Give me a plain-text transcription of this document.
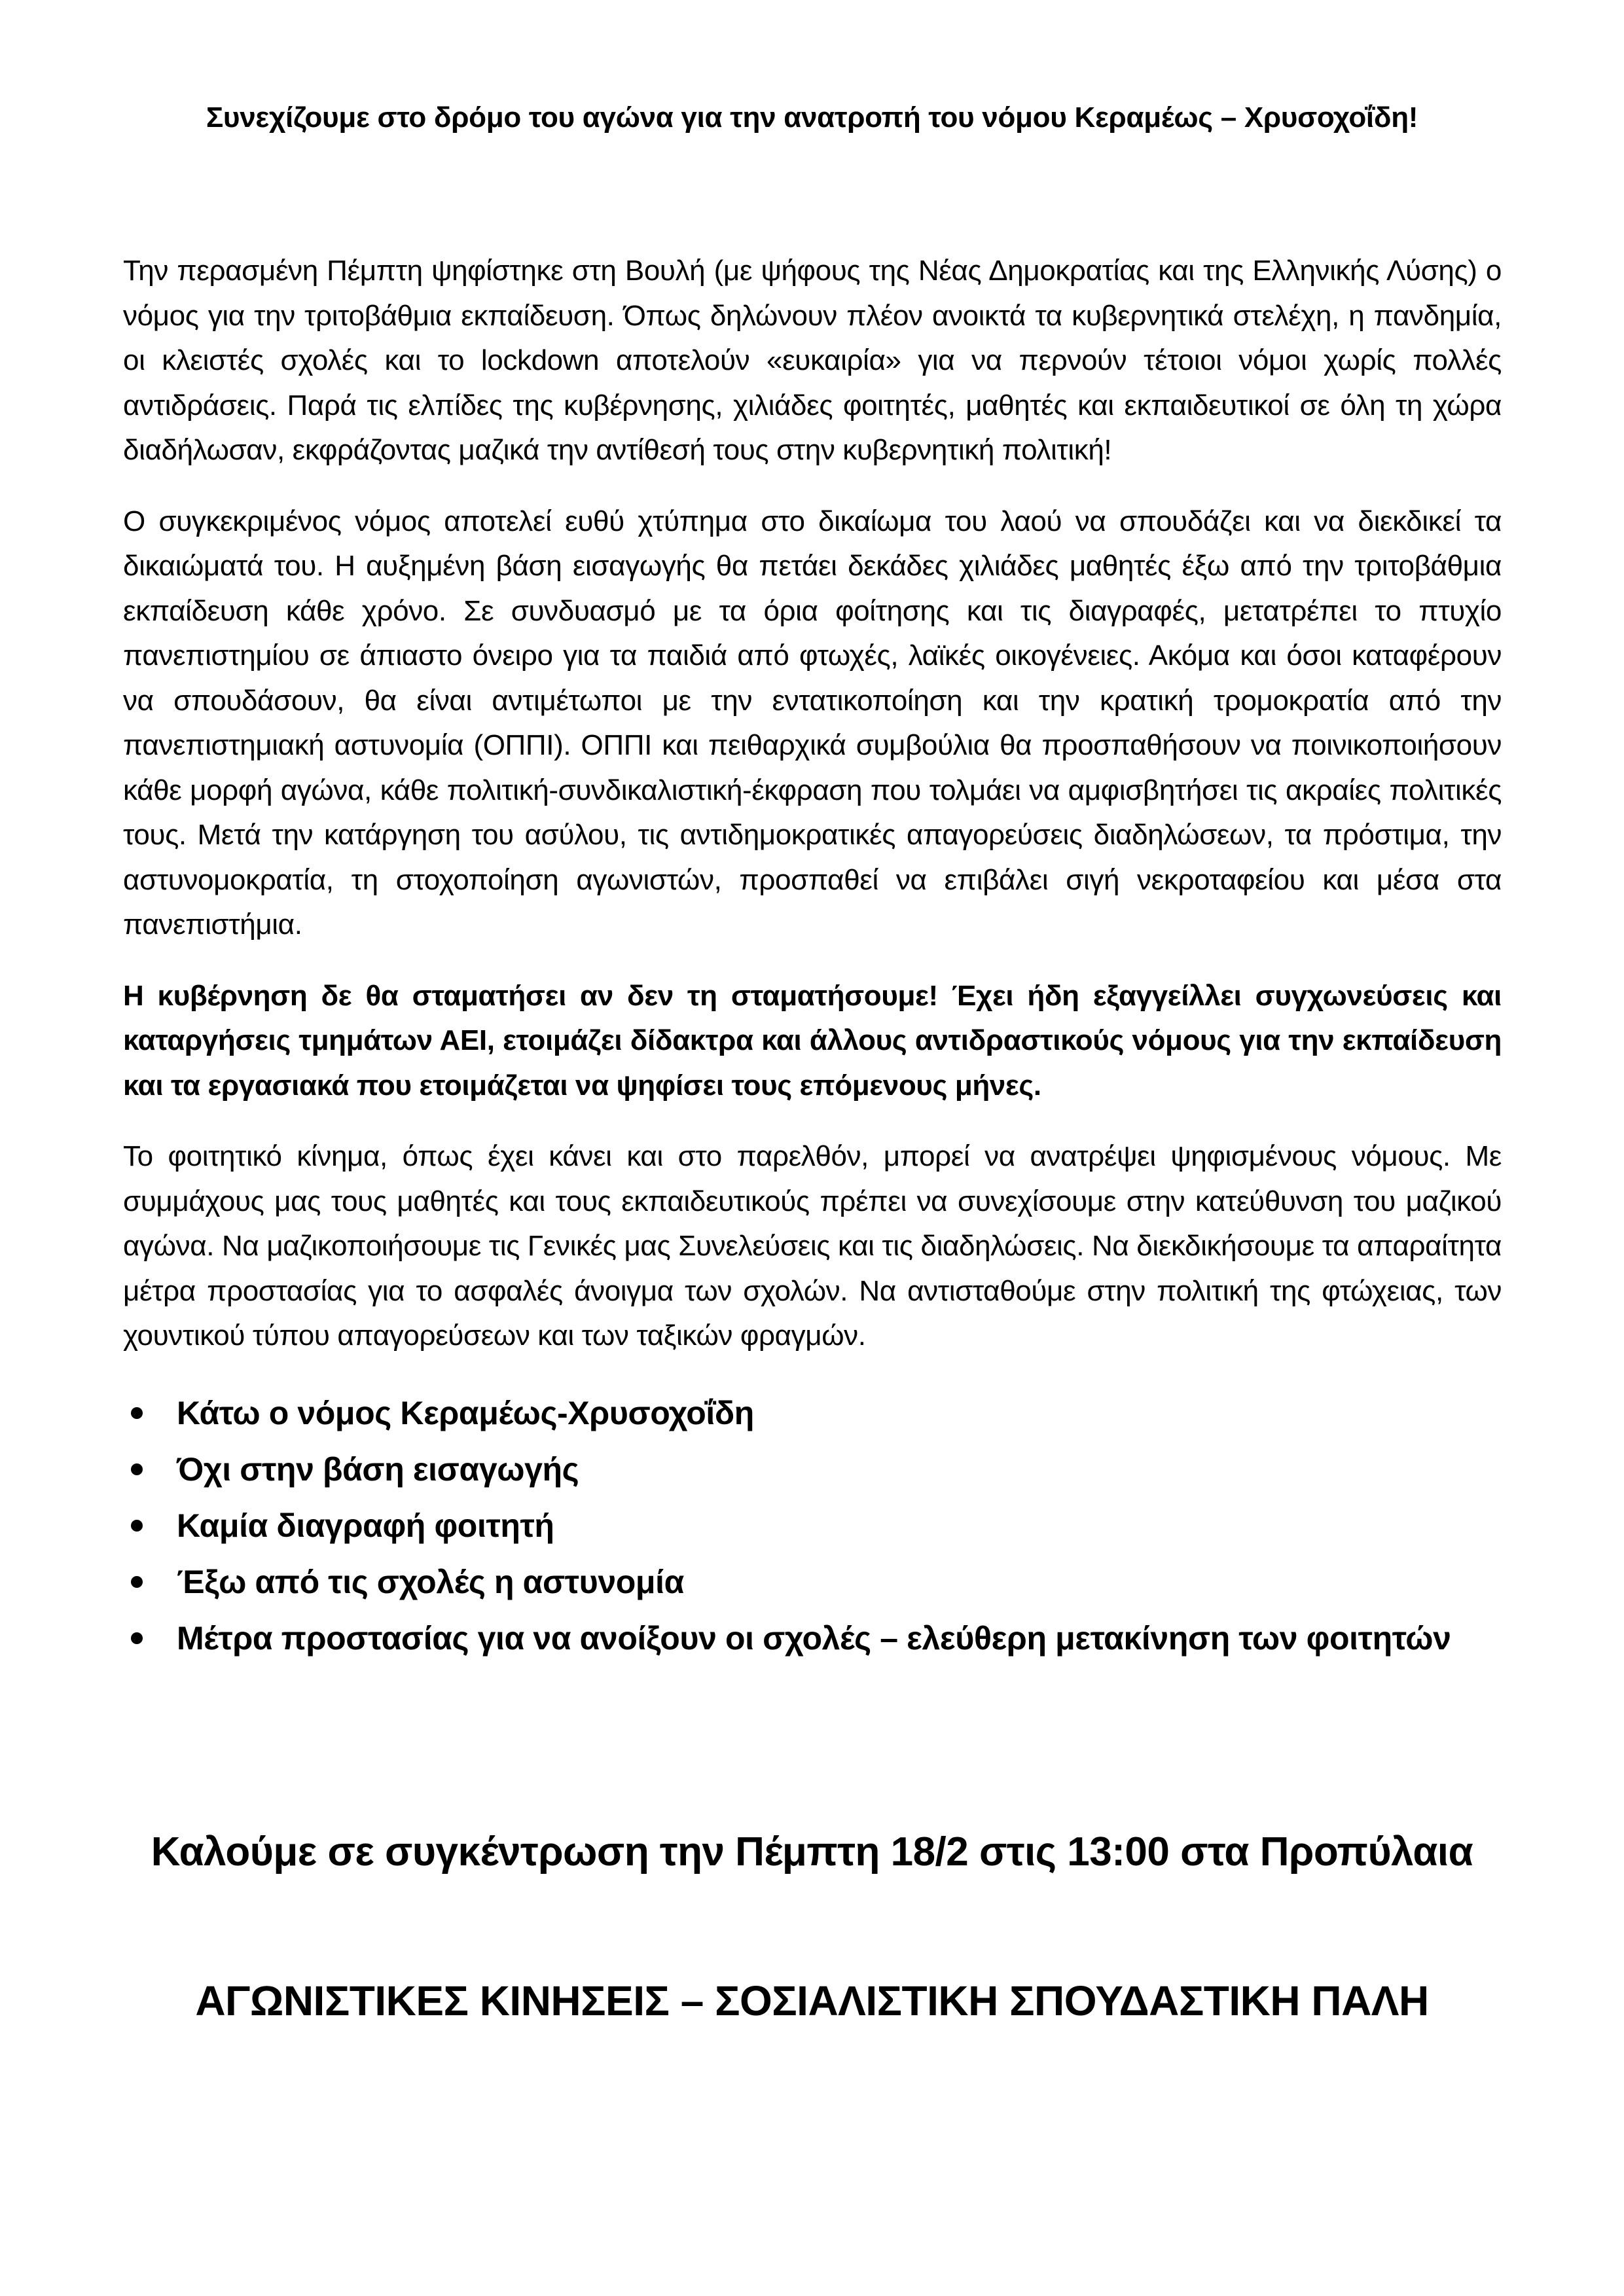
Συνεχίζουμε στο δρόμο του αγώνα για την ανατροπή του νόμου Κεραμέως – Χρυσοχοΐδη!

Την περασμένη Πέμπτη ψηφίστηκε στη Βουλή (με ψήφους της Νέας Δημοκρατίας και της Ελληνικής Λύσης) ο νόμος για την τριτοβάθμια εκπαίδευση. Όπως δηλώνουν πλέον ανοικτά τα κυβερνητικά στελέχη, η πανδημία, οι κλειστές σχολές και το lockdown αποτελούν «ευκαιρία» για να περνούν τέτοιοι νόμοι χωρίς πολλές αντιδράσεις. Παρά τις ελπίδες της κυβέρνησης, χιλιάδες φοιτητές, μαθητές και εκπαιδευτικοί σε όλη τη χώρα διαδήλωσαν, εκφράζοντας μαζικά την αντίθεσή τους στην κυβερνητική πολιτική!

Ο συγκεκριμένος νόμος αποτελεί ευθύ χτύπημα στο δικαίωμα του λαού να σπουδάζει και να διεκδικεί τα δικαιώματά του. Η αυξημένη βάση εισαγωγής θα πετάει δεκάδες χιλιάδες μαθητές έξω από την τριτοβάθμια εκπαίδευση κάθε χρόνο. Σε συνδυασμό με τα όρια φοίτησης και τις διαγραφές, μετατρέπει το πτυχίο πανεπιστημίου σε άπιαστο όνειρο για τα παιδιά από φτωχές, λαϊκές οικογένειες. Ακόμα και όσοι καταφέρουν να σπουδάσουν, θα είναι αντιμέτωποι με την εντατικοποίηση και την κρατική τρομοκρατία από την πανεπιστημιακή αστυνομία (ΟΠΠΙ). ΟΠΠΙ και πειθαρχικά συμβούλια θα προσπαθήσουν να ποινικοποιήσουν κάθε μορφή αγώνα, κάθε πολιτική-συνδικαλιστική-έκφραση που τολμάει να αμφισβητήσει τις ακραίες πολιτικές τους. Μετά την κατάργηση του ασύλου, τις αντιδημοκρατικές απαγορεύσεις διαδηλώσεων, τα πρόστιμα, την αστυνομοκρατία, τη στοχοποίηση αγωνιστών, προσπαθεί να επιβάλει σιγή νεκροταφείου και μέσα στα πανεπιστήμια.

Η κυβέρνηση δε θα σταματήσει αν δεν τη σταματήσουμε! Έχει ήδη εξαγγείλλει συγχωνεύσεις και καταργήσεις τμημάτων ΑΕΙ, ετοιμάζει δίδακτρα και άλλους αντιδραστικούς νόμους για την εκπαίδευση και τα εργασιακά που ετοιμάζεται να ψηφίσει τους επόμενους μήνες.

Το φοιτητικό κίνημα, όπως έχει κάνει και στο παρελθόν, μπορεί να ανατρέψει ψηφισμένους νόμους. Με συμμάχους μας τους μαθητές και τους εκπαιδευτικούς πρέπει να συνεχίσουμε στην κατεύθυνση του μαζικού αγώνα. Να μαζικοποιήσουμε τις Γενικές μας Συνελεύσεις και τις διαδηλώσεις. Να διεκδικήσουμε τα απαραίτητα μέτρα προστασίας για το ασφαλές άνοιγμα των σχολών. Να αντισταθούμε στην πολιτική της φτώχειας, των χουντικού τύπου απαγορεύσεων και των ταξικών φραγμών.

Κάτω ο νόμος Κεραμέως-Χρυσοχοΐδη
Όχι στην βάση εισαγωγής
Καμία διαγραφή φοιτητή
Έξω από τις σχολές η αστυνομία
Μέτρα προστασίας για να ανοίξουν οι σχολές – ελεύθερη μετακίνηση των φοιτητών
Καλούμε σε συγκέντρωση την Πέμπτη 18/2 στις 13:00 στα Προπύλαια
ΑΓΩΝΙΣΤΙΚΕΣ ΚΙΝΗΣΕΙΣ – ΣΟΣΙΑΛΙΣΤΙΚΗ ΣΠΟΥΔΑΣΤΙΚΗ ΠΑΛΗ
